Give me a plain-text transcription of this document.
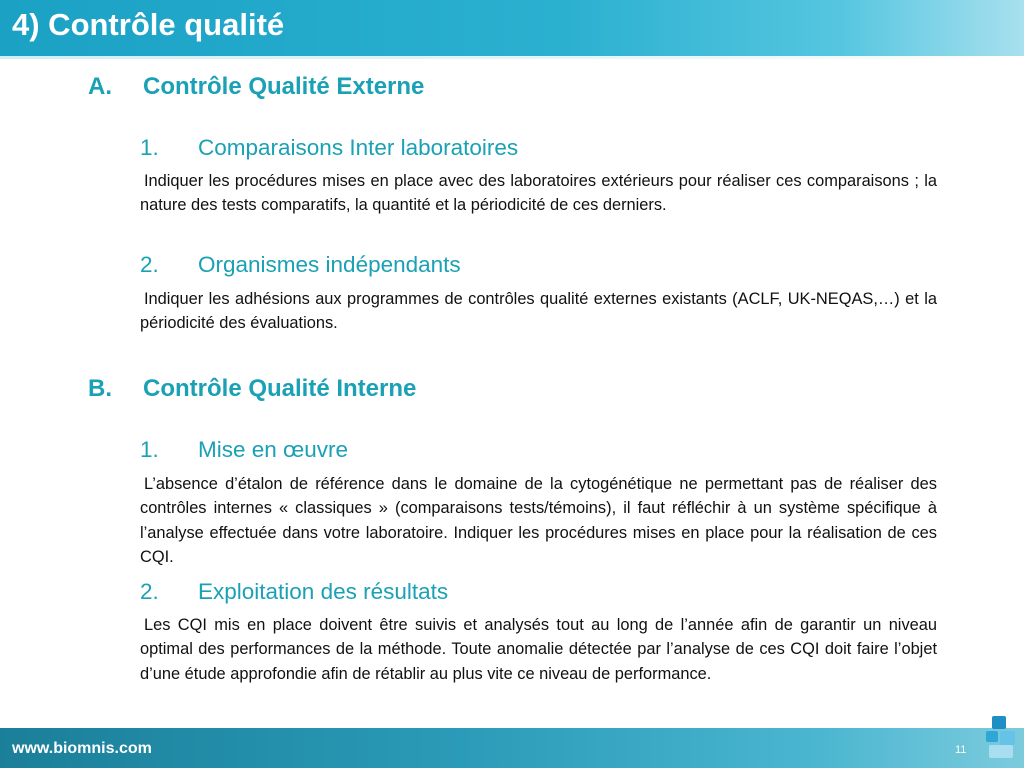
4) Contrôle qualité
A. Contrôle Qualité Externe
1. Comparaisons Inter laboratoires

Indiquer les procédures mises en place avec des laboratoires extérieurs pour réaliser ces comparaisons ; la nature des tests comparatifs, la quantité et la périodicité de ces derniers.

2. Organismes indépendants

Indiquer les adhésions aux programmes de contrôles qualité externes existants (ACLF, UK-NEQAS,…) et la périodicité des évaluations.

B. Contrôle Qualité Interne
1. Mise en œuvre

L’absence d’étalon de référence dans le domaine de la cytogénétique ne permettant pas de réaliser des contrôles internes « classiques » (comparaisons tests/témoins), il faut réfléchir à un système spécifique à l’analyse effectuée dans votre laboratoire. Indiquer les procédures mises en place pour la réalisation de ces CQI.

2. Exploitation des résultats

Les CQI mis en place doivent être suivis et analysés tout au long de l’année afin de garantir un niveau optimal des performances de la méthode. Toute anomalie détectée par l’analyse de ces CQI doit faire l’objet d’une étude approfondie afin de rétablir au plus vite ce niveau de performance.

www.biomnis.com	11
